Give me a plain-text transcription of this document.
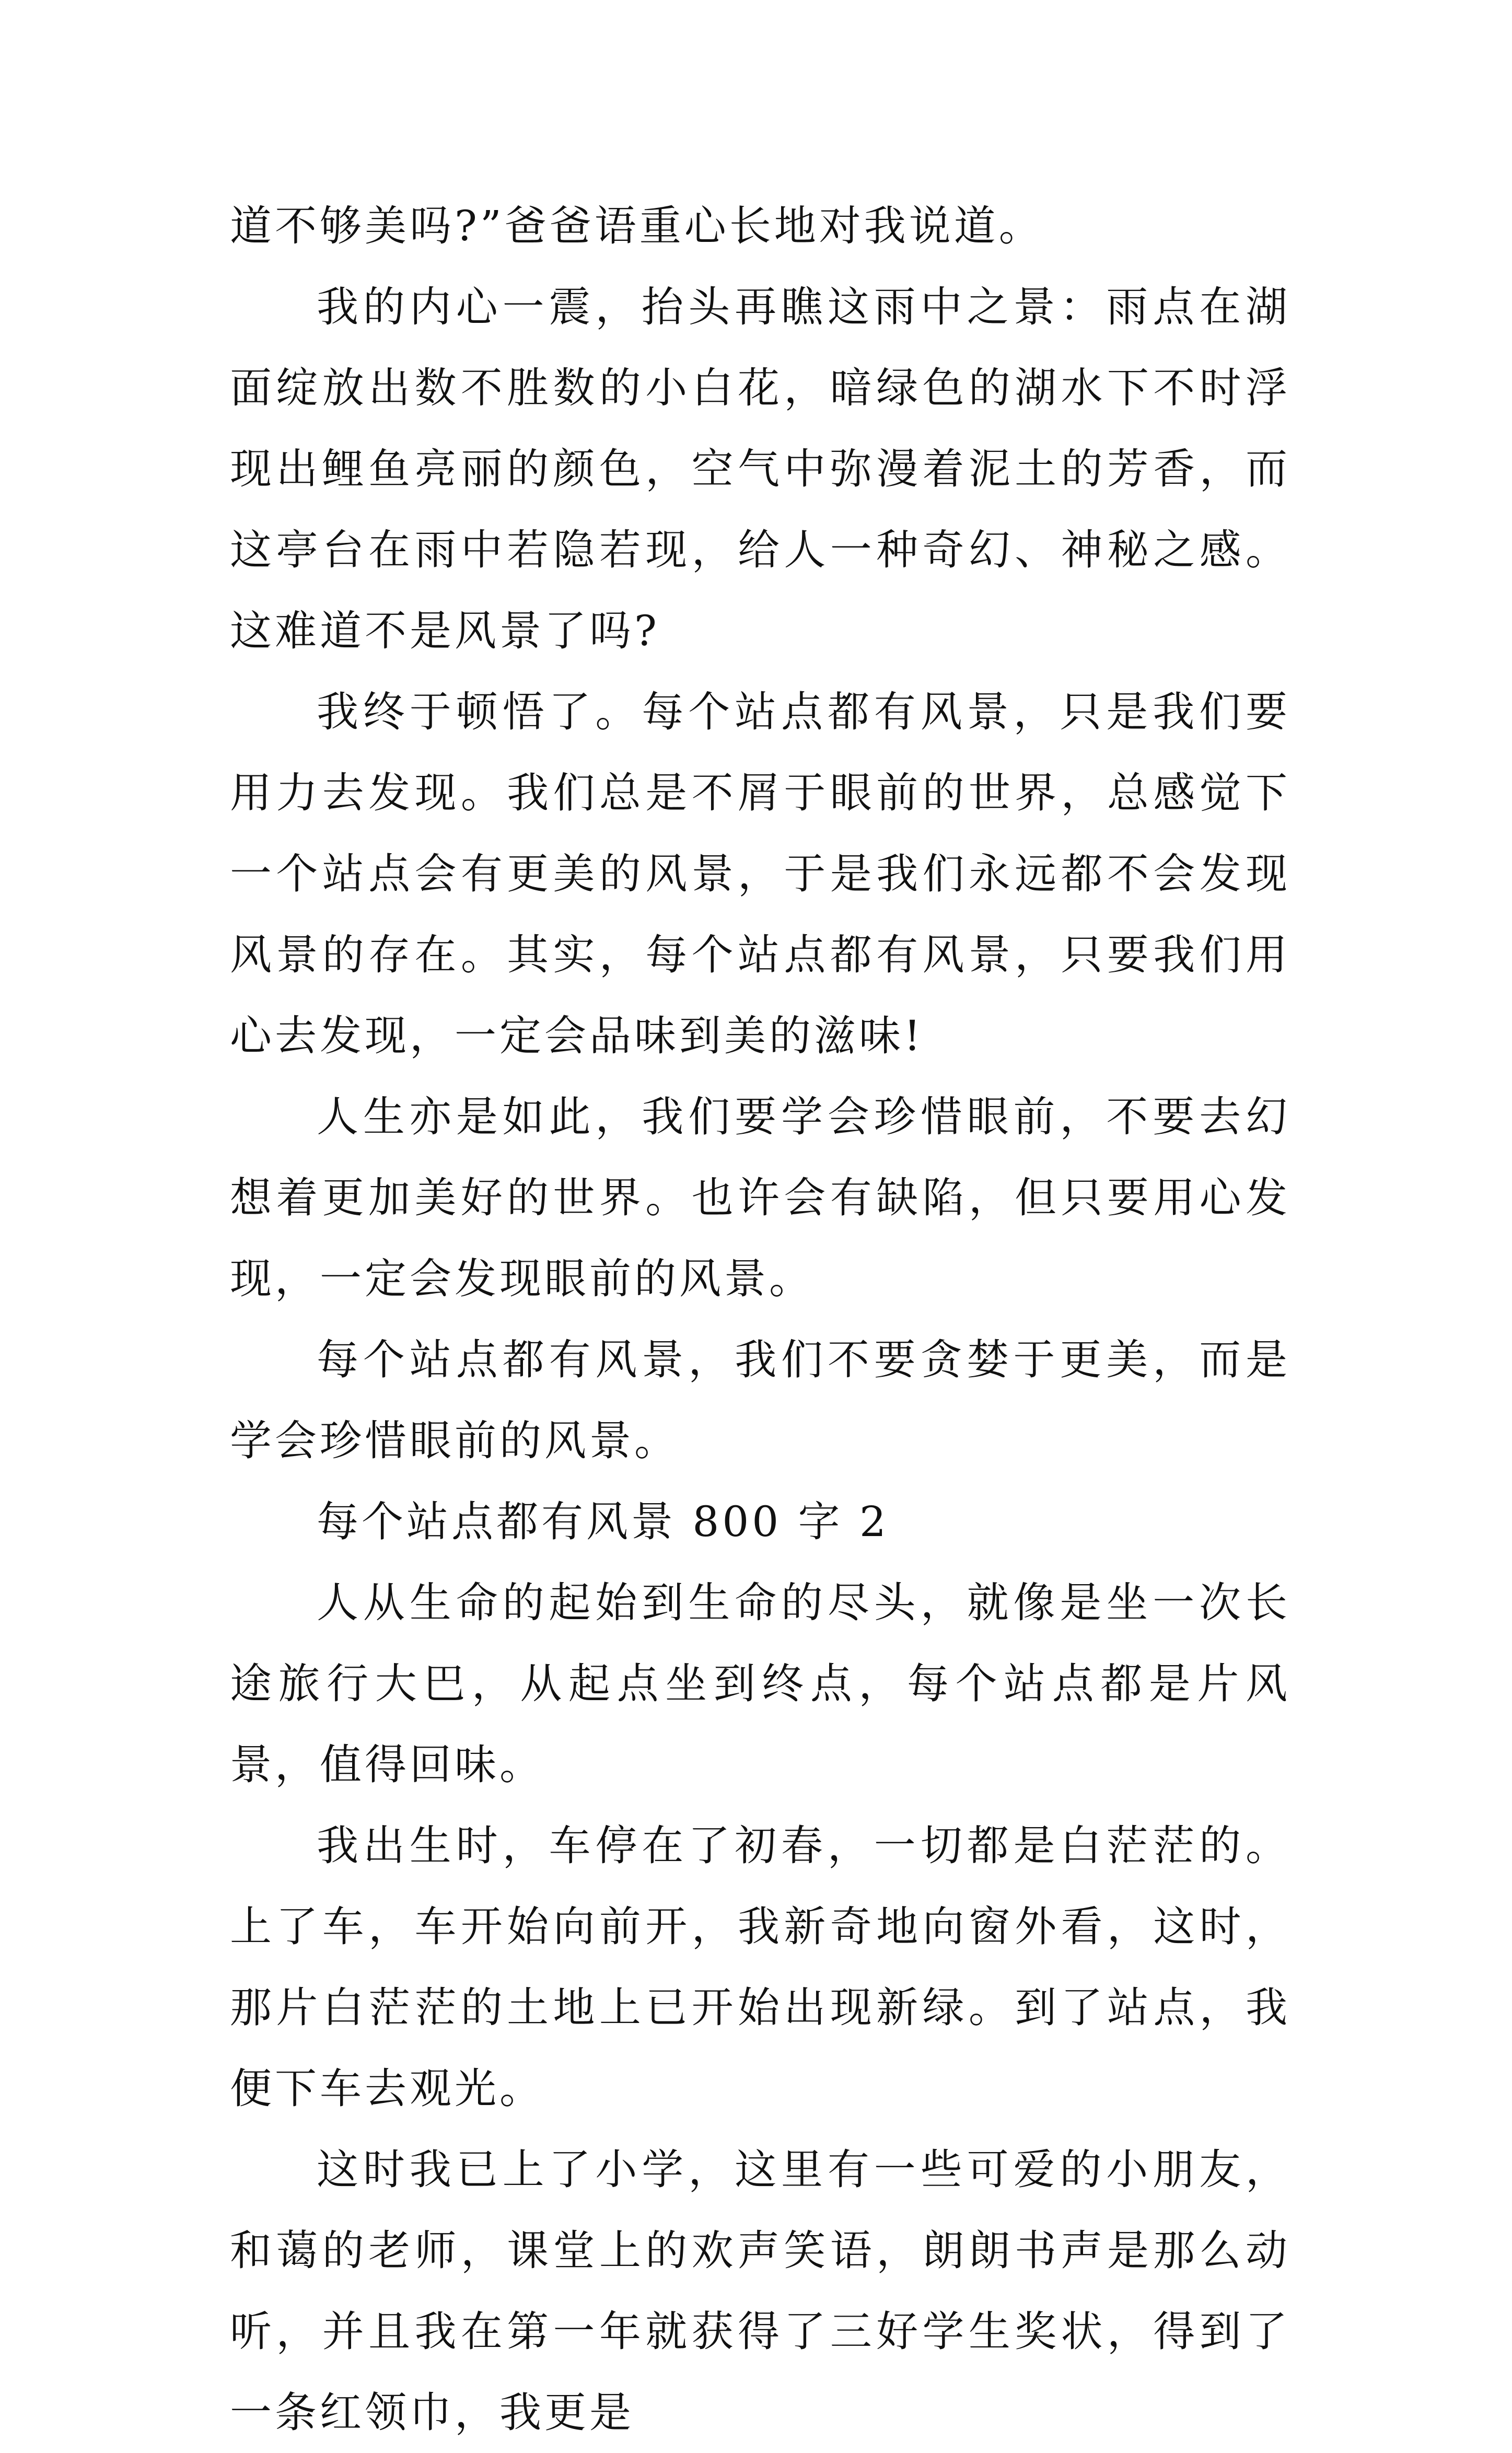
道不够美吗?”爸爸语重心长地对我说道。

我的内心一震，抬头再瞧这雨中之景：雨点在湖面绽放出数不胜数的小白花，暗绿色的湖水下不时浮现出鲤鱼亮丽的颜色，空气中弥漫着泥土的芳香，而这亭台在雨中若隐若现，给人一种奇幻、神秘之感。这难道不是风景了吗?

我终于顿悟了。每个站点都有风景，只是我们要用力去发现。我们总是不屑于眼前的世界，总感觉下一个站点会有更美的风景，于是我们永远都不会发现风景的存在。其实，每个站点都有风景，只要我们用心去发现，一定会品味到美的滋味!

人生亦是如此，我们要学会珍惜眼前，不要去幻想着更加美好的世界。也许会有缺陷，但只要用心发现，一定会发现眼前的风景。

每个站点都有风景，我们不要贪婪于更美，而是学会珍惜眼前的风景。

每个站点都有风景 800 字 2

人从生命的起始到生命的尽头，就像是坐一次长途旅行大巴，从起点坐到终点，每个站点都是片风景，值得回味。

我出生时，车停在了初春，一切都是白茫茫的。上了车，车开始向前开，我新奇地向窗外看，这时，那片白茫茫的土地上已开始出现新绿。到了站点，我便下车去观光。

这时我已上了小学，这里有一些可爱的小朋友，和蔼的老师，课堂上的欢声笑语，朗朗书声是那么动听，并且我在第一年就获得了三好学生奖状，得到了一条红领巾，我更是
